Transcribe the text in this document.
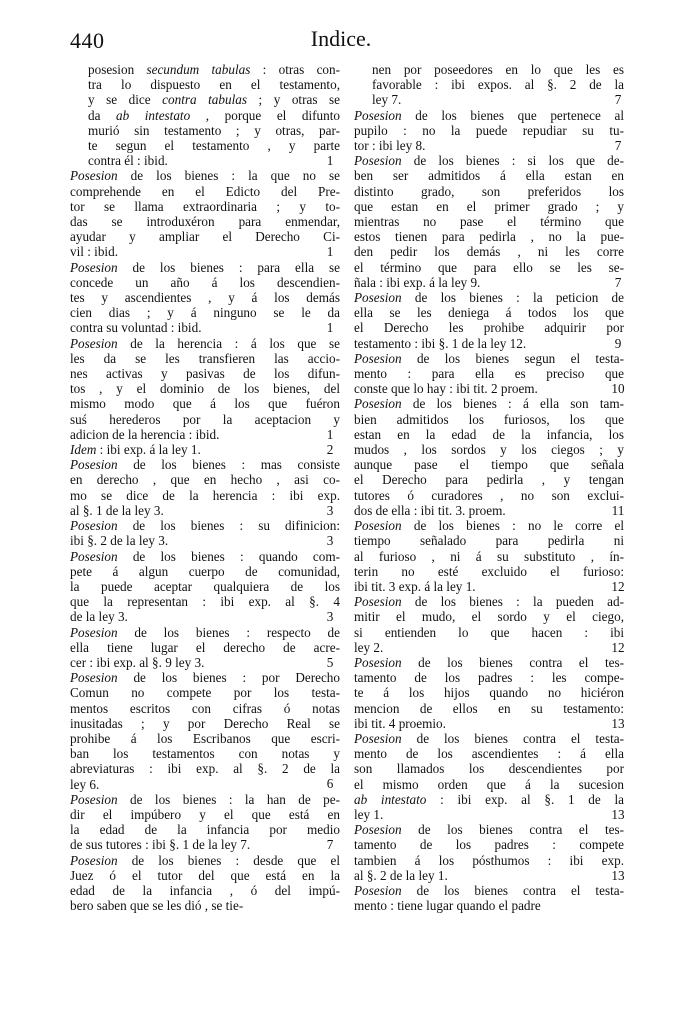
440	Indice.

posesion secundum tabulas : otras con-
tra lo dispuesto en el testamento,
y se dice contra tabulas ; y otras se
da ab intestato , porque el difunto
murió sin testamento ; y otras, par-
te segun el testamento , y parte
contra él : ibid.

Posesion de los bienes : la que no se
comprehende en el Edicto del Pre-
tor se llama extraordinaria ; y to-
das se introduxéron para enmendar,
ayudar y ampliar el Derecho Ci-
vil : ibid.

Posesion de los bienes : para ella se
concede un año á los descendien-
tes y ascendientes , y á los demás
cien dias ; y á ninguno se le da
contra su voluntad : ibid.

Posesion de la herencia : á los que se
les da se les transfieren las accio-
nes activas y pasivas de los difun-
tos , y el dominio de los bienes, del
mismo modo que á los que fuéron
suś herederos por la aceptacion y
adicion de la herencia : ibid.

Idem : ibi exp. á la ley 1.

Posesion de los bienes : mas consiste
en derecho , que en hecho , asi co-
mo se dice de la herencia : ibi exp.
al §. 1 de la ley 3.

Posesion de los bienes : su difinicion:
ibi §. 2 de la ley 3.

Posesion de los bienes : quando com-
pete á algun cuerpo de comunidad,
la puede aceptar qualquiera de los
que la representan : ibi exp. al §. 4
de la ley 3.

Posesion de los bienes : respecto de
ella tiene lugar el derecho de acre-
cer : ibi exp. al §. 9 ley 3.

Posesion de los bienes : por Derecho
Comun no compete por los testa-
mentos escritos con cifras ó notas
inusitadas ; y por Derecho Real se
prohibe á los Escribanos que escri-
ban los testamentos con notas y
abreviaturas : ibi exp. al §. 2 de la
ley 6.

Posesion de los bienes : la han de pe-
dir el impúbero y el que está en
la edad de la infancia por medio
de sus tutores : ibi §. 1 de la ley 7.

Posesion de los bienes : desde que el
Juez ó el tutor del que está en la
edad de la infancia , ó del impú-
bero saben que se les dió , se tie-

1
1
1
1
2
3
3
3
5
6
7

nen por poseedores en lo que les es
favorable : ibi expos. al §. 2 de la
ley 7.

Posesion de los bienes que pertenece al
pupilo : no la puede repudiar su tu-
tor : ibi ley 8.

Posesion de los bienes : si los que de-
ben ser admitidos á ella estan en
distinto grado, son preferidos los
que estan en el primer grado ; y
mientras no pase el término que
estos tienen para pedirla , no la pue-
den pedir los demás , ni les corre
el término que para ello se les se-
ñala : ibi exp. á la ley 9.

Posesion de los bienes : la peticion de
ella se les deniega á todos los que
el Derecho les prohibe adquirir por
testamento : ibi §. 1 de la ley 12.

Posesion de los bienes segun el testa-
mento : para ella es preciso que
conste que lo hay : ibi tit. 2 proem.

Posesion de los bienes : á ella son tam-
bien admitidos los furiosos, los que
estan en la edad de la infancia, los
mudos , los sordos y los ciegos ; y
aunque pase el tiempo que señala
el Derecho para pedirla , y tengan
tutores ó curadores , no son exclui-
dos de ella : ibi tit. 3. proem.

Posesion de los bienes : no le corre el
tiempo señalado para pedirla ni
al furioso , ni á su substituto , ín-
terin no esté excluido el furioso:
ibi tit. 3 exp. á la ley 1.

Posesion de los bienes : la pueden ad-
mitir el mudo, el sordo y el ciego,
si entienden lo que hacen : ibi
ley 2.

Posesion de los bienes contra el tes-
tamento de los padres : les compe-
te á los hijos quando no hiciéron
mencion de ellos en su testamento:
ibi tit. 4 proemio.

Posesion de los bienes contra el testa-
mento de los ascendientes : á ella
son llamados los descendientes por
el mismo orden que á la sucesion
ab intestato : ibi exp. al §. 1 de la
ley 1.

Posesion de los bienes contra el tes-
tamento de los padres : compete
tambien á los pósthumos : ibi exp.
al §. 2 de la ley 1.

Posesion de los bienes contra el testa-
mento : tiene lugar quando el padre

7
7
7
9
10
11
12
12
13
13
13
